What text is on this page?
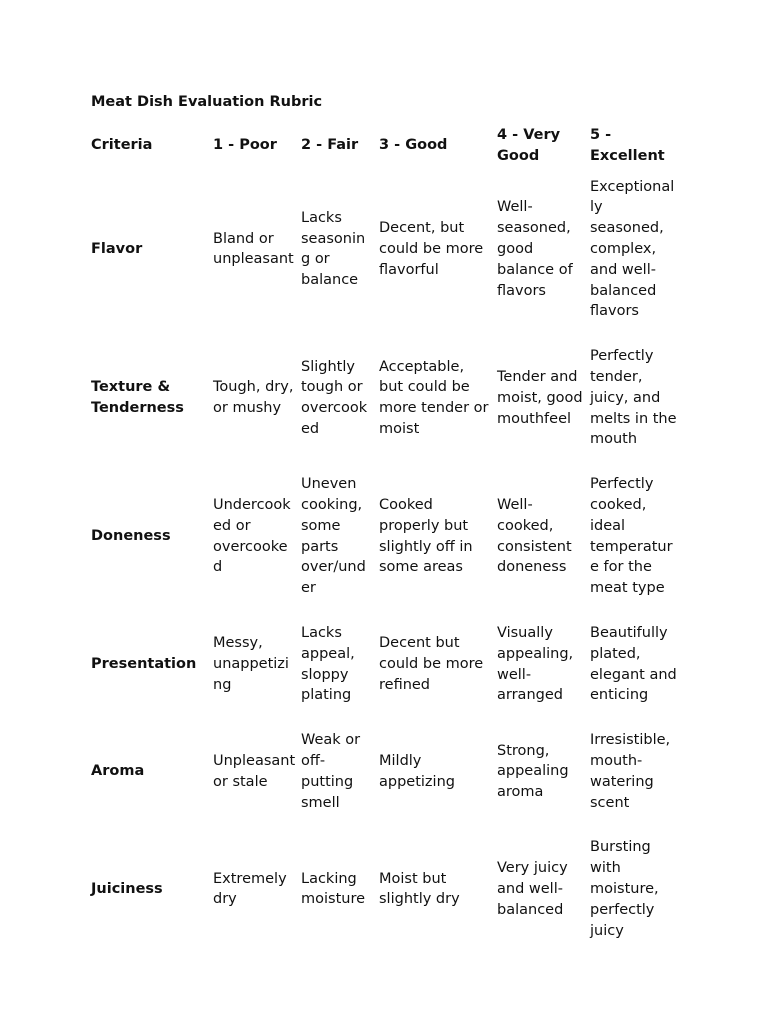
Meat Dish Evaluation Rubric
Criteria	1 - Poor	2 - Fair	3 - Good	4 - Very Good	5 - Excellent
Flavor	Bland or unpleasant	Lacks seasoning or balance	Decent, but could be more flavorful	Well-seasoned, good balance of flavors	Exceptionally seasoned, complex, and well-balanced flavors
Texture & Tenderness	Tough, dry, or mushy	Slightly tough or overcooked	Acceptable, but could be more tender or moist	Tender and moist, good mouthfeel	Perfectly tender, juicy, and melts in the mouth
Doneness	Undercooked or overcooked	Uneven cooking, some parts over/under	Cooked properly but slightly off in some areas	Well-cooked, consistent doneness	Perfectly cooked, ideal temperature for the meat type
Presentation	Messy, unappetizing	Lacks appeal, sloppy plating	Decent but could be more refined	Visually appealing, well-arranged	Beautifully plated, elegant and enticing
Aroma	Unpleasant or stale	Weak or off-putting smell	Mildly appetizing	Strong, appealing aroma	Irresistible, mouth-watering scent
Juiciness	Extremely dry	Lacking moisture	Moist but slightly dry	Very juicy and well-balanced	Bursting with moisture, perfectly juicy
